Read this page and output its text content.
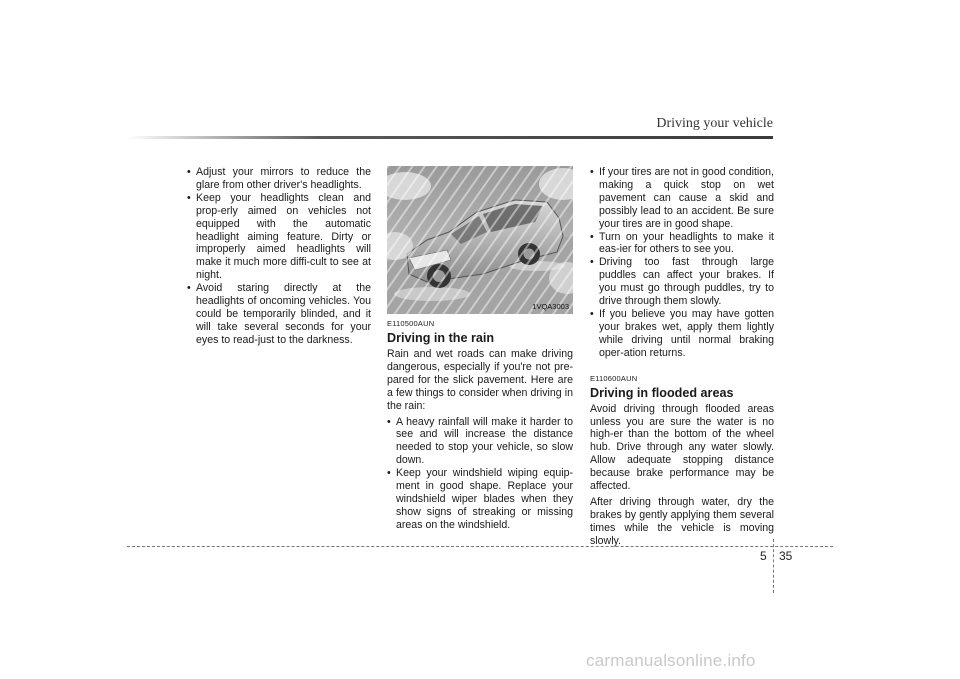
Driving your vehicle
• Adjust your mirrors to reduce the glare from other driver's headlights.
• Keep your headlights clean and prop-erly aimed on vehicles not equipped with the automatic headlight aiming feature. Dirty or improperly aimed headlights will make it much more diffi-cult to see at night.
• Avoid staring directly at the headlights of oncoming vehicles. You could be temporarily blinded, and it will take several seconds for your eyes to read-just to the darkness.
1VQA3003
E110500AUN
Driving in the rain

Rain and wet roads can make driving dangerous, especially if you're not pre-pared for the slick pavement. Here are a few things to consider when driving in the rain:

• A heavy rainfall will make it harder to see and will increase the distance needed to stop your vehicle, so slow down.
• Keep your windshield wiping equip-ment in good shape. Replace your windshield wiper blades when they show signs of streaking or missing areas on the windshield.
• If your tires are not in good condition, making a quick stop on wet pavement can cause a skid and possibly lead to an accident. Be sure your tires are in good shape.
• Turn on your headlights to make it eas-ier for others to see you.
• Driving too fast through large puddles can affect your brakes. If you must go through puddles, try to drive through them slowly.
• If you believe you may have gotten your brakes wet, apply them lightly while driving until normal braking oper-ation returns.
E110600AUN
Driving in flooded areas

Avoid driving through flooded areas unless you are sure the water is no high-er than the bottom of the wheel hub. Drive through any water slowly. Allow adequate stopping distance because brake performance may be affected.

After driving through water, dry the brakes by gently applying them several times while the vehicle is moving slowly.

5 35
carmanualsonline.info
